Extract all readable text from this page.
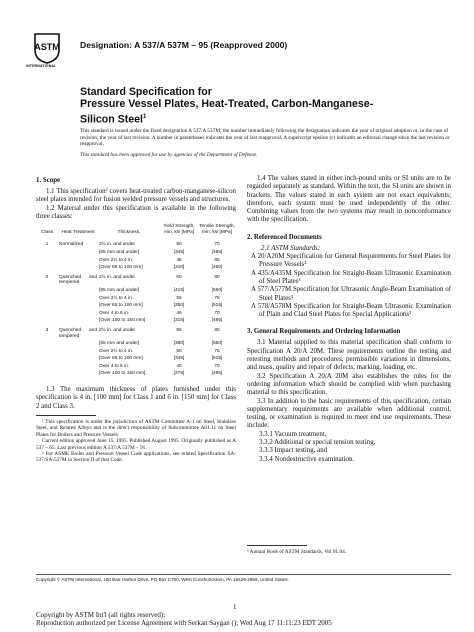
ASTM
INTERNATIONAL
Designation: A 537/A 537M – 95 (Reapproved 2000)
Standard Specification for
Pressure Vessel Plates, Heat-Treated, Carbon-Manganese-
Silicon Steel$^1$
This standard is issued under the fixed designation A 537/A 537M; the number immediately following the designation indicates the year of original adoption or, in the case of revision, the year of last revision. A number in parentheses indicates the year of last reapproval. A superscript epsilon (ε) indicates an editorial change since the last revision or reapproval.
This standard has been approved for use by agencies of the Department of Defense.
1. Scope
1.1 This specification² covers heat-treated carbon-manganese-silicon steel plates intended for fusion welded pressure vessels and structures.
1.2 Material under this specification is available in the following three classes:
Class	Heat Treatment	Thickness,	Yield Strength, min, ksi [MPa]	Tensile Strength, min, ksi [MPa]
1	Normalized	2½ in. and under	50	70
		[65 mm and under]	[345]	[485]
		Over 2½ to 4 in.	45	65
		[Over 65 to 100 mm]	[310]	[450]
2	Quenched and tempered	2½ in. and under	60	80
		[65 mm and under]	[415]	[550]
		Over 2½ to 4 in.	55	75
		[Over 65 to 100 mm]	[380]	[515]
		Over 4 to 6 in.	46	70
		[Over 100 to 150 mm]	[315]	[485]
3	Quenched and tempered	2½ in. and under	55	80
		[65 mm and under]	[380]	[550]
		Over 2½ to 4 in.	50	75
		[Over 65 to 100 mm]	[345]	[515]
		Over 4 to 6 in.	40	70
		[Over 100 to 150 mm]	[275]	[485]
1.3 The maximum thickness of plates furnished under this specification is 4 in. [100 mm] for Class 1 and 6 in. [150 mm] for Class 2 and Class 3.
¹ This specification is under the jurisdiction of ASTM Committee A-1 on Steel, Stainless Steel, and Related Alloys and is the direct responsibility of Subcommittee A01.11 on Steel Plates for Boilers and Pressure Vessels.
Current edition approved June 15, 1995. Published August 1995. Originally published as A 537 – 65. Last previous edition A 537/A 537M – 91.
² For ASME Boiler and Pressure Vessel Code applications, see related Specification SA-537/SA-537M in Section II of that Code.
1.4 The values stated in either inch-pound units or SI units are to be regarded separately as standard. Within the text, the SI units are shown in brackets. The values stated in each system are not exact equivalents; therefore, each system must be used independently of the other. Combining values from the two systems may result in nonconformance with the specification.
2. Referenced Documents
2.1 ASTM Standards:
A 20/A20M Specification for General Requirements for Steel Plates for Pressure Vessels³
A 435/A435M Specification for Straight-Beam Ultrasonic Examination of Steel Plates³
A 577/A577M Specification for Ultrasonic Angle-Beam Examination of Steel Plates³
A 578/A578M Specification for Straight-Beam Ultrasonic Examination of Plain and Clad Steel Plates for Special Applications³
3. General Requirements and Ordering Information
3.1 Material supplied to this material specification shall conform to Specification A 20/A 20M. These requirements outline the testing and retesting methods and procedures, permissible variations in dimensions, and mass, quality and repair of defects, marking, loading, etc.
3.2 Specification A 20/A 20M also establishes the rules for the ordering information which should be complied with when purchasing material to this specification.
3.3 In addition to the basic requirements of this specification, certain supplementary requirements are available when additional control, testing, or examination is required to meet end use requirements. These include:
3.3.1 Vacuum treatment,
3.3.2 Additional or special tension testing,
3.3.3 Impact testing, and
3.3.4 Nondestructive examination.
³ Annual Book of ASTM Standards, Vol 01.04.
Copyright © ASTM International, 100 Barr Harbor Drive, PO Box C700, West Conshohocken, PA 19428-2959, United States.
1
Copyright by ASTM Int'l (all rights reserved);
Reproduction authorized per License Agreement with Serkan Saygan (); Wed Aug 17 11:11:23 EDT 2005
